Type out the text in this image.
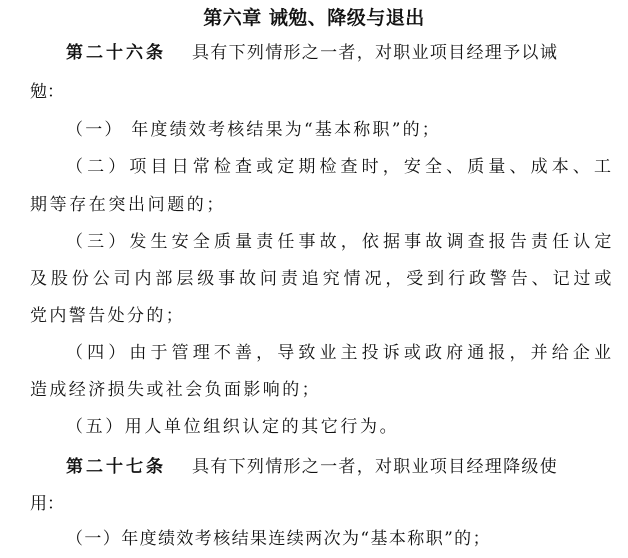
第六章 诫勉、降级与退出
第二十六条 具有下列情形之一者，对职业项目经理予以诫
勉：
（一） 年度绩效考核结果为“基本称职”的；
（二）项目日常检查或定期检查时，安全、质量、成本、工
期等存在突出问题的；
（三）发生安全质量责任事故，依据事故调查报告责任认定
及股份公司内部层级事故问责追究情况，受到行政警告、记过或
党内警告处分的；
（四）由于管理不善，导致业主投诉或政府通报，并给企业
造成经济损失或社会负面影响的；
（五）用人单位组织认定的其它行为。
第二十七条 具有下列情形之一者，对职业项目经理降级使
用：
（一）年度绩效考核结果连续两次为“基本称职”的；
